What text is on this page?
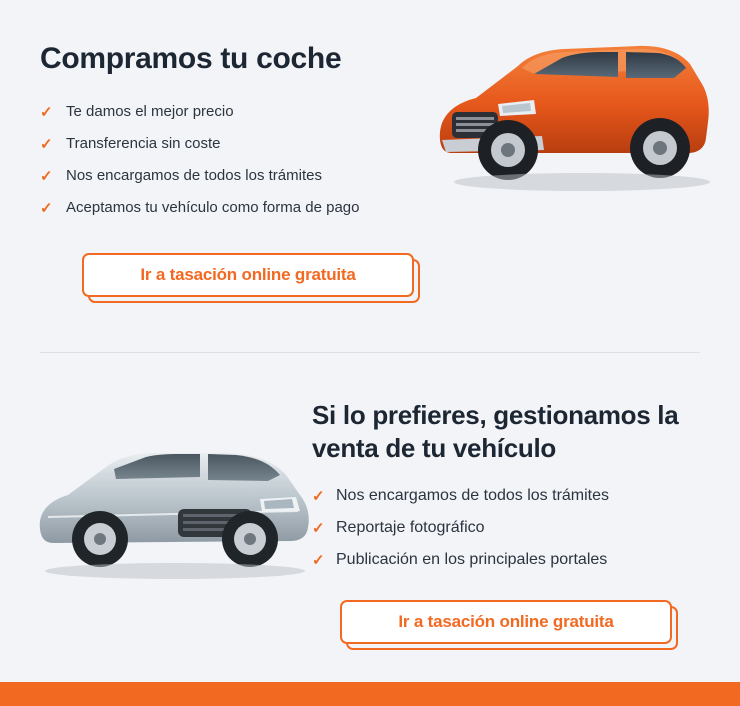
Compramos tu coche
✓ Te damos el mejor precio
✓ Transferencia sin coste
✓ Nos encargamos de todos los trámites
✓ Aceptamos tu vehículo como forma de pago
Ir a tasación online gratuita
Si lo prefieres, gestionamos la venta de tu vehículo
✓ Nos encargamos de todos los trámites
✓ Reportaje fotográfico
✓ Publicación en los principales portales
Ir a tasación online gratuita
